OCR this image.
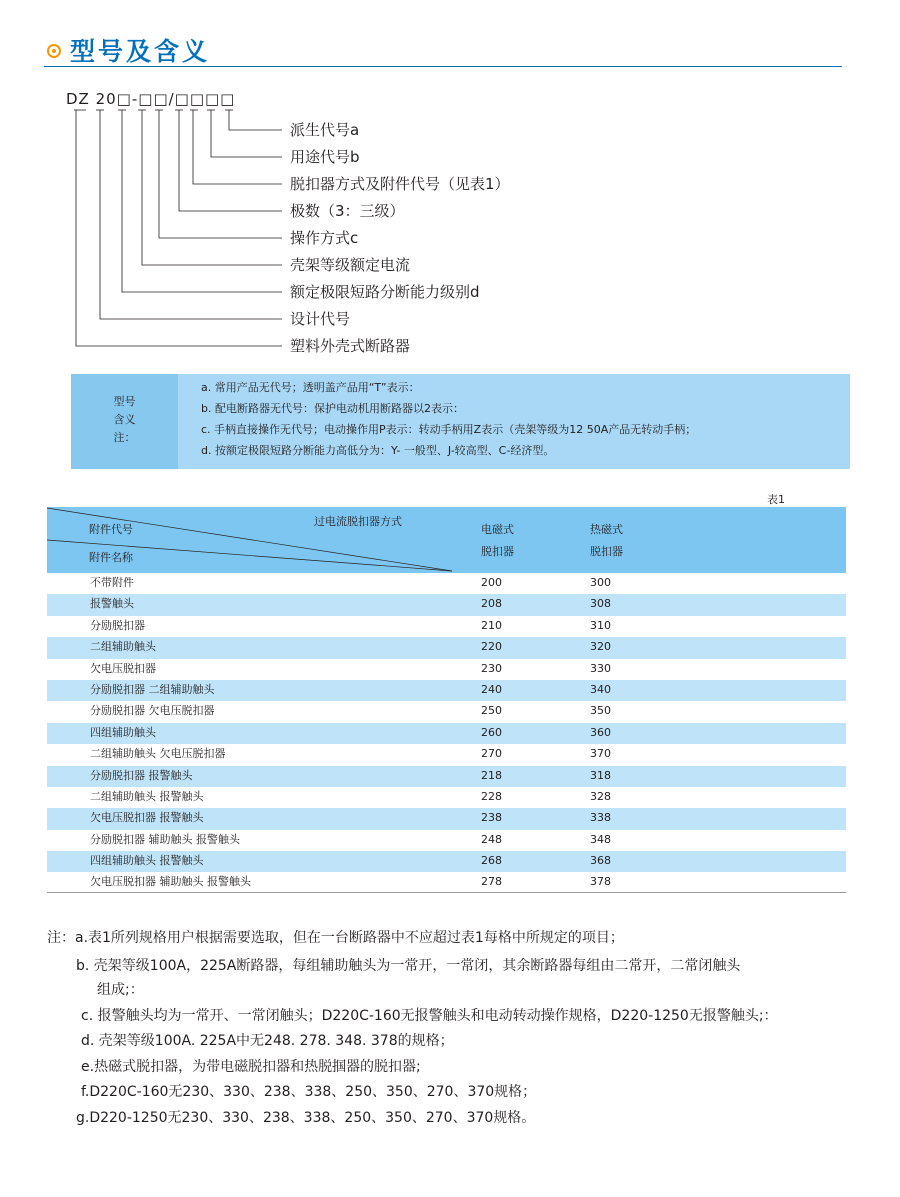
型号及含义
DZ 20□-□□/□□□□
派生代号a
用途代号b
脱扣器方式及附件代号（见表1）
极数（3：三级）
操作方式c
壳架等级额定电流
额定极限短路分断能力级别d
设计代号
塑料外壳式断路器
型号
含义
注：
a. 常用产品无代号；透明盖产品用“T”表示：
b. 配电断路器无代号：保护电动机用断路器以2表示：
c. 手柄直接操作无代号；电动操作用P表示：转动手柄用Z表示（壳架等级为12 50A产品无转动手柄；
d. 按额定极限短路分断能力高低分为：Y- 一般型、J-较高型、C-经济型。
表1
附件代号
过电流脱扣器方式
附件名称
电磁式
脱扣器
热磁式
脱扣器
不带附件	200	300
报警触头	208	308
分励脱扣器	210	310
二组辅助触头	220	320
欠电压脱扣器	230	330
分励脱扣器 二组辅助触头	240	340
分励脱扣器 欠电压脱扣器	250	350
四组辅助触头	260	360
二组辅助触头 欠电压脱扣器	270	370
分励脱扣器 报警触头	218	318
二组辅助触头 报警触头	228	328
欠电压脱扣器 报警触头	238	338
分励脱扣器 辅助触头 报警触头	248	348
四组辅助触头 报警触头	268	368
欠电压脱扣器 辅助触头 报警触头	278	378
注：a.表1所列规格用户根据需要选取，但在一台断路器中不应超过表1每格中所规定的项目；
b. 壳架等级100A，225A断路器，每组辅助触头为一常开，一常闭，其余断路器每组由二常开，二常闭触头
组成;：
c. 报警触头均为一常开、一常闭触头；D220C-160无报警触头和电动转动操作规格，D220-1250无报警触头;：
d. 壳架等级100A. 225A中无248. 278. 348. 378的规格；
e.热磁式脱扣器，为带电磁脱扣器和热脱掴器的脱扣器;
f.D220C-160无230、330、238、338、250、350、270、370规格；
g.D220-1250无230、330、238、338、250、350、270、370规格。
